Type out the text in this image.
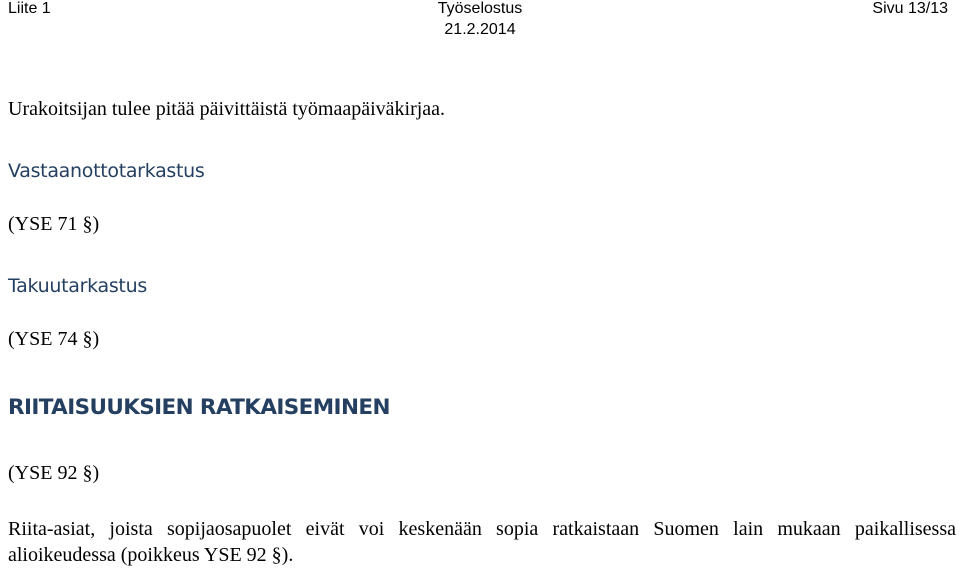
Liite 1	Työselostus
21.2.2014
Sivu 13/13
Urakoitsijan tulee pitää päivittäistä työmaapäiväkirjaa.
Vastaanottotarkastus
(YSE 71 §)
Takuutarkastus
(YSE 74 §)
RIITAISUUKSIEN RATKAISEMINEN
(YSE 92 §)
Riita-asiat, joista sopijaosapuolet eivät voi keskenään sopia ratkaistaan Suomen lain mukaan paikallisessa alioikeudessa (poikkeus YSE 92 §).
